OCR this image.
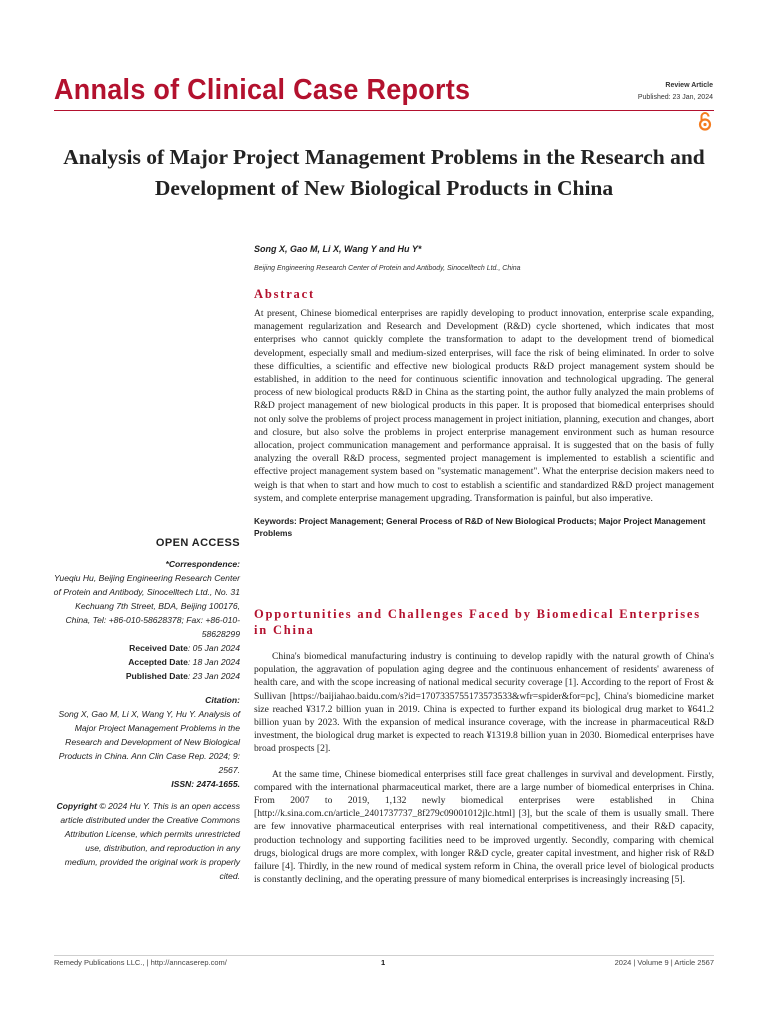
Annals of Clinical Case Reports	Review Article
Published: 23 Jan, 2024
Analysis of Major Project Management Problems in the Research and Development of New Biological Products in China

Song X, Gao M, Li X, Wang Y and Hu Y*

Beijing Engineering Research Center of Protein and Antibody, Sinocelltech Ltd., China

Abstract

At present, Chinese biomedical enterprises are rapidly developing to product innovation, enterprise scale expanding, management regularization and Research and Development (R&D) cycle shortened, which indicates that most enterprises who cannot quickly complete the transformation to adapt to the development trend of biomedical development, especially small and medium-sized enterprises, will face the risk of being eliminated. In order to solve these difficulties, a scientific and effective new biological products R&D project management system should be established, in addition to the need for continuous scientific innovation and technological upgrading. The general process of new biological products R&D in China as the starting point, the author fully analyzed the main problems of R&D project management of new biological products in this paper. It is proposed that biomedical enterprises should not only solve the problems of project process management in project initiation, planning, execution and changes, abort and closure, but also solve the problems in project enterprise management environment such as human resource allocation, project communication management and performance appraisal. It is suggested that on the basis of fully analyzing the overall R&D process, segmented project management is implemented to establish a scientific and effective project management system based on "systematic management". What the enterprise decision makers need to weigh is that when to start and how much to cost to establish a scientific and standardized R&D project management system, and complete enterprise management upgrading. Transformation is painful, but also imperative.

Keywords: Project Management; General Process of R&D of New Biological Products; Major Project Management Problems

Opportunities and Challenges Faced by Biomedical Enterprises in China

China's biomedical manufacturing industry is continuing to develop rapidly with the natural growth of China's population, the aggravation of population aging degree and the continuous enhancement of residents' awareness of health care, and with the scope increasing of national medical security coverage [1]. According to the report of Frost & Sullivan [https://baijiahao.baidu.com/s?id=1707335755173573533&wfr=spider&for=pc], China's biomedicine market size reached ¥317.2 billion yuan in 2019. China is expected to further expand its biological drug market to ¥641.2 billion yuan by 2023. With the expansion of medical insurance coverage, with the increase in pharmaceutical R&D investment, the biological drug market is expected to reach ¥1319.8 billion yuan in 2030. Biomedical enterprises have broad prospects [2].

At the same time, Chinese biomedical enterprises still face great challenges in survival and development. Firstly, compared with the international pharmaceutical market, there are a large number of biomedical enterprises in China. From 2007 to 2019, 1,132 newly biomedical enterprises were established in China [http://k.sina.com.cn/article_2401737737_8f279c09001012jlc.html] [3], but the scale of them is usually small. There are few innovative pharmaceutical enterprises with real international competitiveness, and their R&D capacity, production technology and supporting facilities need to be improved urgently. Secondly, comparing with chemical drugs, biological drugs are more complex, with longer R&D cycle, greater capital investment, and higher risk of R&D failure [4]. Thirdly, in the new round of medical system reform in China, the overall price level of biological products is constantly declining, and the operating pressure of many biomedical enterprises is increasingly increasing [5].

OPEN ACCESS

*Correspondence:

Yueqiu Hu, Beijing Engineering Research Center of Protein and Antibody, Sinocelltech Ltd., No. 31 Kechuang 7th Street, BDA, Beijing 100176, China, Tel: +86-010-58628378; Fax: +86-010-58628299

Received Date: 05 Jan 2024

Accepted Date: 18 Jan 2024

Published Date: 23 Jan 2024

Citation:

Song X, Gao M, Li X, Wang Y, Hu Y. Analysis of Major Project Management Problems in the Research and Development of New Biological Products in China. Ann Clin Case Rep. 2024; 9: 2567.

ISSN: 2474-1655.

Copyright © 2024 Hu Y. This is an open access article distributed under the Creative Commons Attribution License, which permits unrestricted use, distribution, and reproduction in any medium, provided the original work is properly cited.

Remedy Publications LLC., | http://anncaserep.com/	1	2024 | Volume 9 | Article 2567
